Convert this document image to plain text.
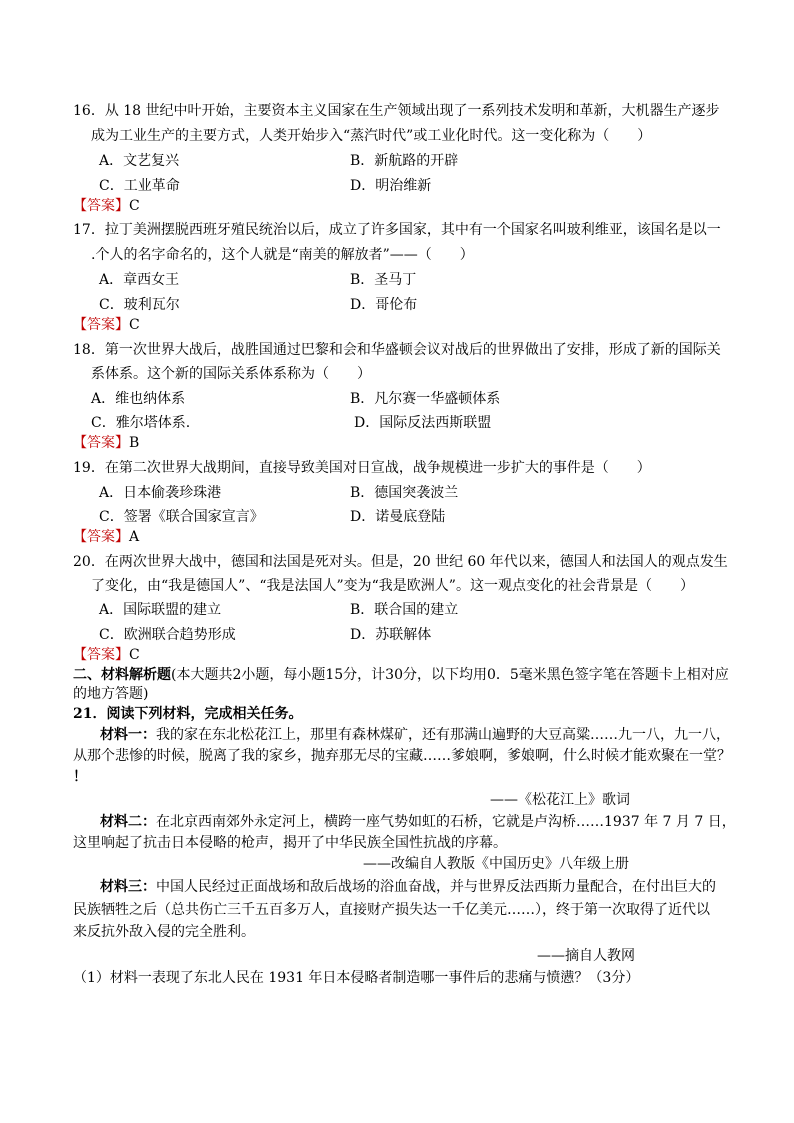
16．从 18 世纪中叶开始，主要资本主义国家在生产领域出现了一系列技术发明和革新，大机器生产逐步
成为工业生产的主要方式，人类开始步入“蒸汽时代”或工业化时代。这一变化称为（　　）
A．文艺复兴	B．新航路的开辟
C．工业革命	D．明治维新
【答案】C
17．拉丁美洲摆脱西班牙殖民统治以后，成立了许多国家，其中有一个国家名叫玻利维亚，该国名是以一
.个人的名字命名的，这个人就是“南美的解放者”——（　　）
A．章西女王	B．圣马丁
C．玻利瓦尔	D．哥伦布
【答案】C
18．第一次世界大战后，战胜国通过巴黎和会和华盛顿会议对战后的世界做出了安排，形成了新的国际关
系体系。这个新的国际关系体系称为（　　）
A．维也纳体系	B．凡尔赛一华盛顿体系
C．雅尔塔体系.	D．国际反法西斯联盟
【答案】B
19．在第二次世界大战期间，直接导致美国对日宣战，战争规模进一步扩大的事件是（　　）
A．日本偷袭珍珠港	B．德国突袭波兰
C．签署《联合国家宣言》	D．诺曼底登陆
【答案】A
20．在两次世界大战中，德国和法国是死对头。但是，20 世纪 60 年代以来，德国人和法国人的观点发生
了变化，由“我是德国人”、“我是法国人”变为“我是欧洲人”。这一观点变化的社会背景是（　　）
A．国际联盟的建立	B．联合国的建立
C．欧洲联合趋势形成	D．苏联解体
【答案】C
二、材料解析题(本大题共2小题，每小题15分，计30分，以下均用0．5毫米黑色签字笔在答题卡上相对应
的地方答题)
21．阅读下列材料，完成相关任务。
材料一：我的家在东北松花江上，那里有森林煤矿，还有那满山遍野的大豆高粱……九一八，九一八，
从那个悲惨的时候，脱离了我的家乡，抛弃那无尽的宝藏……爹娘啊，爹娘啊，什么时候才能欢聚在一堂？
！
——《松花江上》歌词
材料二：在北京西南郊外永定河上，横跨一座气势如虹的石桥，它就是卢沟桥……1937 年 7 月 7 日，
这里响起了抗击日本侵略的枪声，揭开了中华民族全国性抗战的序幕。
——改编自人教版《中国历史》八年级上册
材料三：中国人民经过正面战场和敌后战场的浴血奋战，并与世界反法西斯力量配合，在付出巨大的
民族牺牲之后（总共伤亡三千五百多万人，直接财产损失达一千亿美元……），终于第一次取得了近代以
来反抗外敌入侵的完全胜利。
——摘自人教网
（1）材料一表现了东北人民在 1931 年日本侵略者制造哪一事件后的悲痛与愤懑？（3分）
